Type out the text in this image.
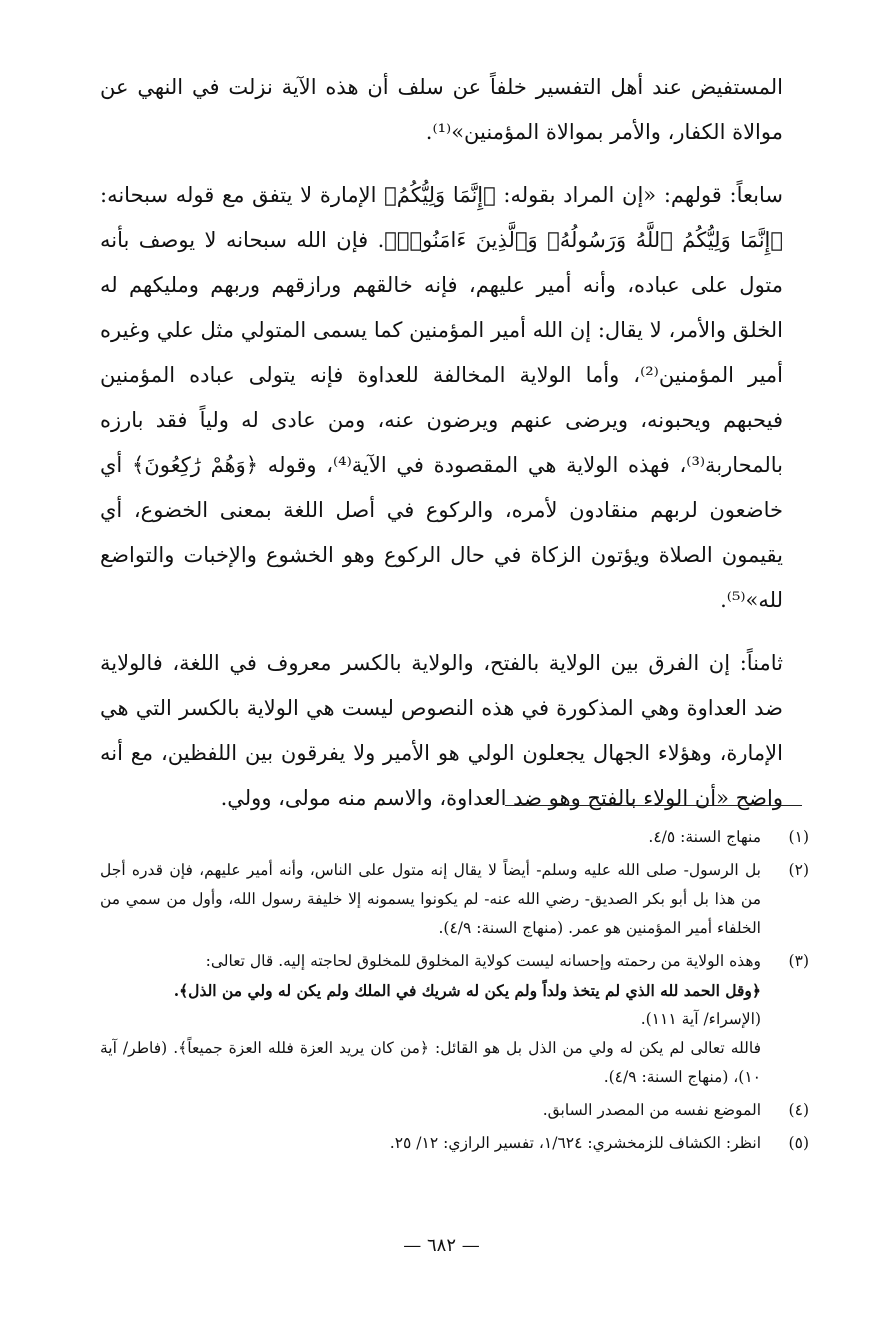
المستفيض عند أهل التفسير خلفاً عن سلف أن هذه الآية نزلت في النهي عن موالاة الكفار، والأمر بموالاة المؤمنين»⁽¹⁾.

سابعاً: قولهم: «إن المراد بقوله: ﴿إِنَّمَا وَلِيُّكُمُ﴾ الإمارة لا يتفق مع قوله سبحانه: ﴿إِنَّمَا وَلِيُّكُمُ ٱللَّهُ وَرَسُولُهُۥ وَٱلَّذِينَ ءَامَنُوا۟﴾. فإن الله سبحانه لا يوصف بأنه متول على عباده، وأنه أمير عليهم، فإنه خالقهم ورازقهم وربهم ومليكهم له الخلق والأمر، لا يقال: إن الله أمير المؤمنين كما يسمى المتولي مثل علي وغيره أمير المؤمنين⁽²⁾، وأما الولاية المخالفة للعداوة فإنه يتولى عباده المؤمنين فيحبهم ويحبونه، ويرضى عنهم ويرضون عنه، ومن عادى له ولياً فقد بارزه بالمحاربة⁽³⁾، فهذه الولاية هي المقصودة في الآية⁽⁴⁾، وقوله ﴿وَهُمْ رَٰكِعُونَ﴾ أي خاضعون لربهم منقادون لأمره، والركوع في أصل اللغة بمعنى الخضوع، أي يقيمون الصلاة ويؤتون الزكاة في حال الركوع وهو الخشوع والإخبات والتواضع لله»⁽⁵⁾.

ثامناً: إن الفرق بين الولاية بالفتح، والولاية بالكسر معروف في اللغة، فالولاية ضد العداوة وهي المذكورة في هذه النصوص ليست هي الولاية بالكسر التي هي الإمارة، وهؤلاء الجهال يجعلون الولي هو الأمير ولا يفرقون بين اللفظين، مع أنه واضح «أن الولاء بالفتح وهو ضد العداوة، والاسم منه مولى، وولي.

(١)

منهاج السنة: ٤/٥.

(٢)

بل الرسول- صلى الله عليه وسلم- أيضاً لا يقال إنه متول على الناس، وأنه أمير عليهم، فإن قدره أجل من هذا بل أبو بكر الصديق- رضي الله عنه- لم يكونوا يسمونه إلا خليفة رسول الله، وأول من سمي من الخلفاء أمير المؤمنين هو عمر. (منهاج السنة: ٤/٩).

(٣)

وهذه الولاية من رحمته وإحسانه ليست كولاية المخلوق للمخلوق لحاجته إليه. قال تعالى:

﴿وقل الحمد لله الذي لم يتخذ ولداً ولم يكن له شريك في الملك ولم يكن له ولي من الذل﴾.

(الإسراء/ آية ١١١).

فالله تعالى لم يكن له ولي من الذل بل هو القائل: ﴿من كان يريد العزة فلله العزة جميعاً﴾. (فاطر/ آية ١٠)، (منهاج السنة: ٤/٩).

(٤)

الموضع نفسه من المصدر السابق.

(٥)

انظر: الكشاف للزمخشري: ١/٦٢٤، تفسير الرازي: ١٢/ ٢٥.

— ٦٨٢ —
